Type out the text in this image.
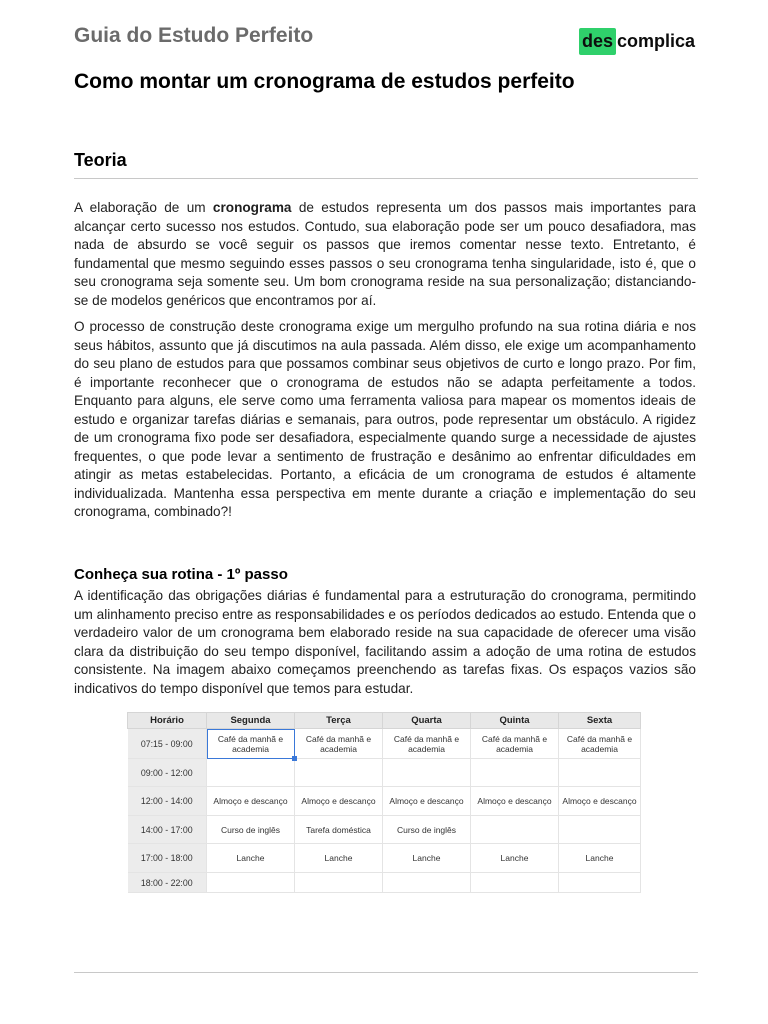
Guia do Estudo Perfeito	des complica
Como montar um cronograma de estudos perfeito
Teoria

A elaboração de um cronograma de estudos representa um dos passos mais importantes para alcançar certo sucesso nos estudos. Contudo, sua elaboração pode ser um pouco desafiadora, mas nada de absurdo se você seguir os passos que iremos comentar nesse texto. Entretanto, é fundamental que mesmo seguindo esses passos o seu cronograma tenha singularidade, isto é, que o seu cronograma seja somente seu. Um bom cronograma reside na sua personalização; distanciando-se de modelos genéricos que encontramos por aí.

O processo de construção deste cronograma exige um mergulho profundo na sua rotina diária e nos seus hábitos, assunto que já discutimos na aula passada. Além disso, ele exige um acompanhamento do seu plano de estudos para que possamos combinar seus objetivos de curto e longo prazo. Por fim, é importante reconhecer que o cronograma de estudos não se adapta perfeitamente a todos. Enquanto para alguns, ele serve como uma ferramenta valiosa para mapear os momentos ideais de estudo e organizar tarefas diárias e semanais, para outros, pode representar um obstáculo. A rigidez de um cronograma fixo pode ser desafiadora, especialmente quando surge a necessidade de ajustes frequentes, o que pode levar a sentimento de frustração e desânimo ao enfrentar dificuldades em atingir as metas estabelecidas. Portanto, a eficácia de um cronograma de estudos é altamente individualizada. Mantenha essa perspectiva em mente durante a criação e implementação do seu cronograma, combinado?!

Conheça sua rotina - 1º passo

A identificação das obrigações diárias é fundamental para a estruturação do cronograma, permitindo um alinhamento preciso entre as responsabilidades e os períodos dedicados ao estudo. Entenda que o verdadeiro valor de um cronograma bem elaborado reside na sua capacidade de oferecer uma visão clara da distribuição do seu tempo disponível, facilitando assim a adoção de uma rotina de estudos consistente. Na imagem abaixo começamos preenchendo as tarefas fixas. Os espaços vazios são indicativos do tempo disponível que temos para estudar.

Horário	Segunda	Terça	Quarta	Quinta	Sexta
07:15 - 09:00	Café da manhã e academia	Café da manhã e academia	Café da manhã e academia	Café da manhã e academia	Café da manhã e academia
09:00 - 12:00					
12:00 - 14:00	Almoço e descanço	Almoço e descanço	Almoço e descanço	Almoço e descanço	Almoço e descanço
14:00 - 17:00	Curso de inglês	Tarefa doméstica	Curso de inglês		
17:00 - 18:00	Lanche	Lanche	Lanche	Lanche	Lanche
18:00 - 22:00					
